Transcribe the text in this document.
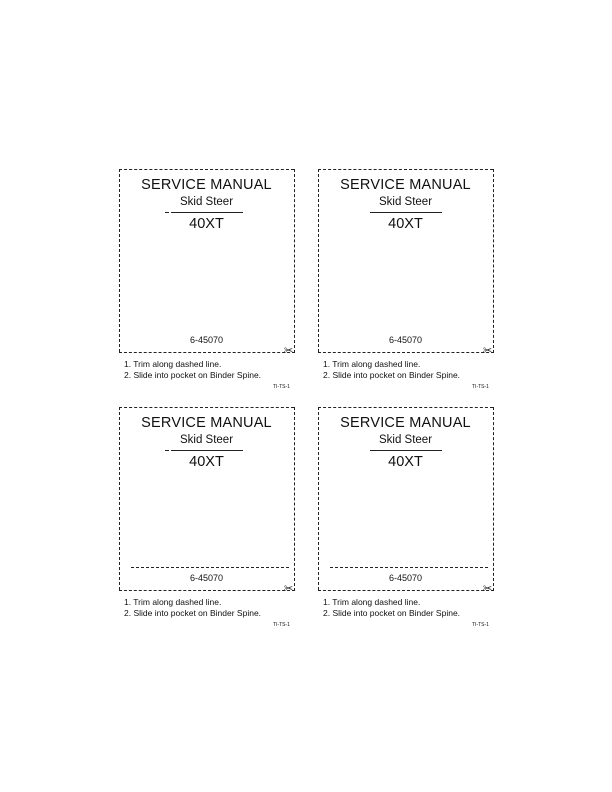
SERVICE MANUAL
Skid Steer
40XT
6-45070
✂
1. Trim along dashed line.
2. Slide into pocket on Binder Spine.
TI-TS-1
SERVICE MANUAL
Skid Steer
40XT
6-45070
✂
1. Trim along dashed line.
2. Slide into pocket on Binder Spine.
TI-TS-1
SERVICE MANUAL
Skid Steer
40XT
6-45070
✂
1. Trim along dashed line.
2. Slide into pocket on Binder Spine.
TI-TS-1
SERVICE MANUAL
Skid Steer
40XT
6-45070
✂
1. Trim along dashed line.
2. Slide into pocket on Binder Spine.
TI-TS-1
